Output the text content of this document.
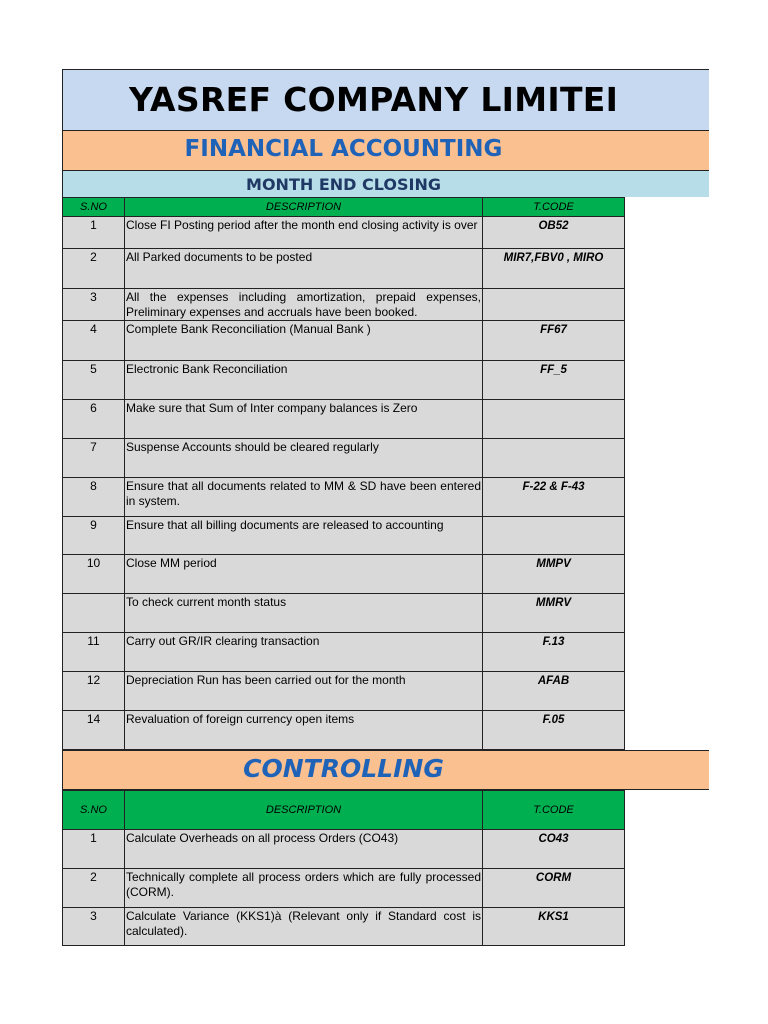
YASREF COMPANY LIMITEI
FINANCIAL ACCOUNTING
MONTH END CLOSING
S.NO	DESCRIPTION	T.CODE
1	Close FI Posting period after the month end closing activity is over	OB52
2	All Parked documents to be posted	MIR7,FBV0 , MIRO
3	All the expenses including amortization, prepaid expenses, Preliminary expenses and accruals have been booked.	
4	Complete Bank Reconciliation (Manual Bank )	FF67
5	Electronic Bank Reconciliation	FF_5
6	Make sure that Sum of Inter company balances is Zero	
7	Suspense Accounts should be cleared regularly	
8	Ensure that all documents related to MM & SD have been entered in system.	F-22 & F-43
9	Ensure that all billing documents are released to accounting	
10	Close MM period	MMPV
	To check current month status	MMRV
11	Carry out GR/IR clearing transaction	F.13
12	Depreciation Run has been carried out for the month	AFAB
14	Revaluation of foreign currency open items	F.05
CONTROLLING
S.NO	DESCRIPTION	T.CODE
1	Calculate Overheads on all process Orders (CO43)	CO43
2	Technically complete all process orders which are fully processed (CORM).	CORM
3	Calculate Variance (KKS1)à (Relevant only if Standard cost is calculated).	KKS1
